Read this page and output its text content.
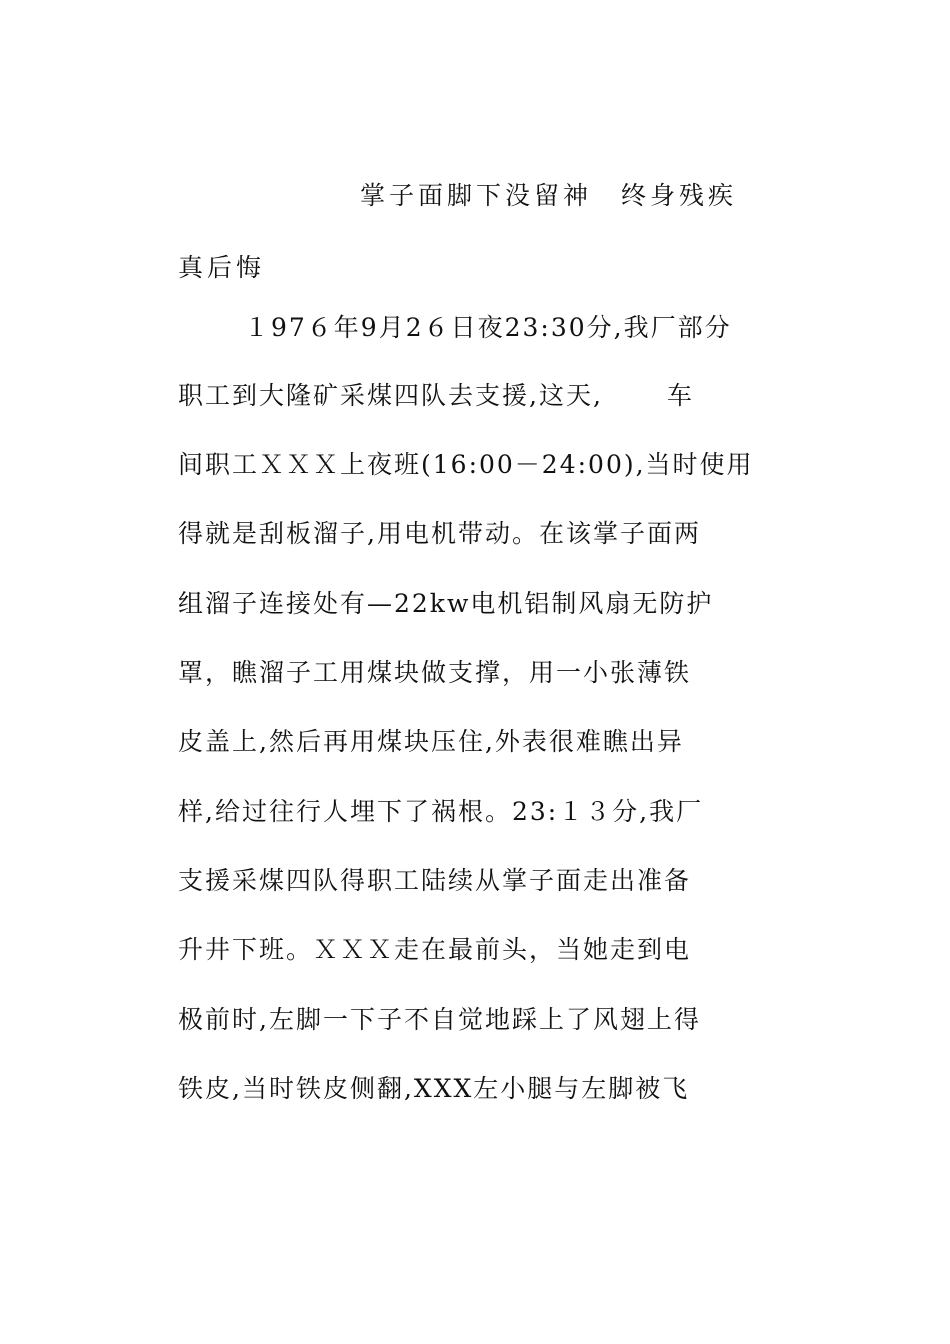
掌子面脚下没留神　终身残疾
真后悔
１97６年9月2６日夜23:30分,我厂部分
职工到大隆矿采煤四队去支援,这天,　　 车
间职工ＸＸＸ上夜班(16:00－24:00),当时使用
得就是刮板溜子,用电机带动。在该掌子面两
组溜子连接处有—22kw电机铝制风扇无防护
罩，瞧溜子工用煤块做支撑，用一小张薄铁
皮盖上,然后再用煤块压住,外表很难瞧出异
样,给过往行人埋下了祸根。23:１３分,我厂
支援采煤四队得职工陆续从掌子面走出准备
升井下班。ＸＸＸ走在最前头，当她走到电
极前时,左脚一下子不自觉地踩上了风翅上得
铁皮,当时铁皮侧翻,XXX左小腿与左脚被飞
